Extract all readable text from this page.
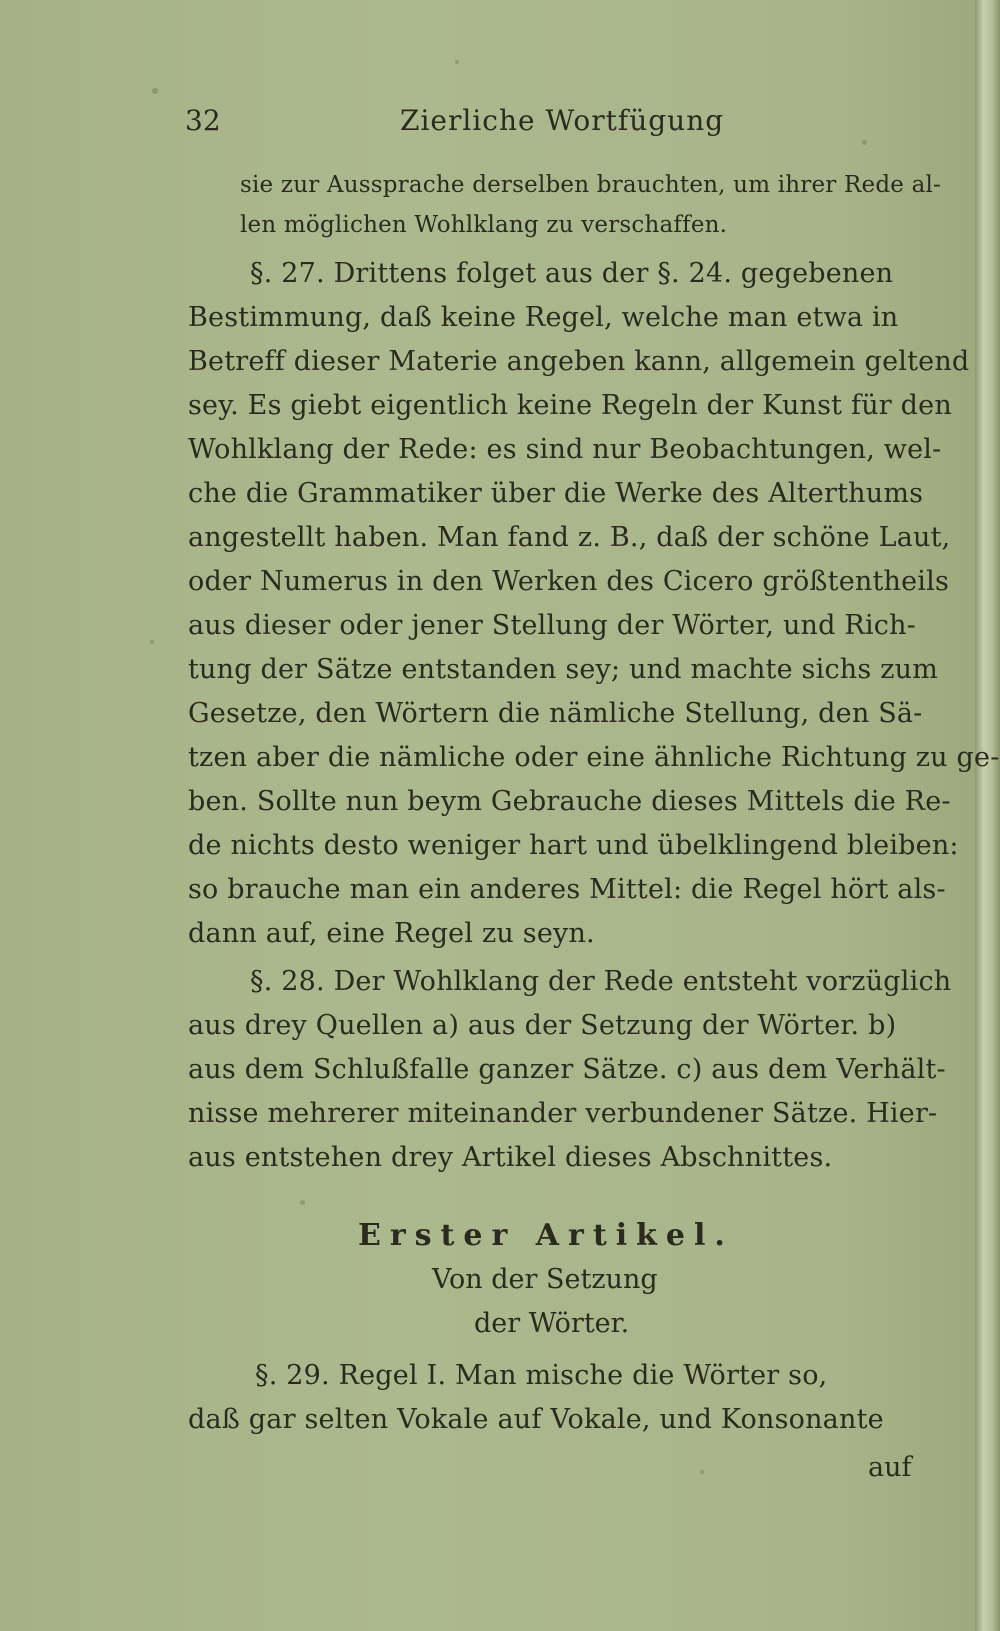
32	Zierliche Wortfügung
sie zur Aussprache derselben brauchten, um ihrer Rede al-
len möglichen Wohlklang zu verschaffen.
§. 27. Drittens folget aus der §. 24. gegebenen
Bestimmung, daß keine Regel, welche man etwa in
Betreff dieser Materie angeben kann, allgemein geltend
sey. Es giebt eigentlich keine Regeln der Kunst für den
Wohlklang der Rede: es sind nur Beobachtungen, wel-
che die Grammatiker über die Werke des Alterthums
angestellt haben. Man fand z. B., daß der schöne Laut,
oder Numerus in den Werken des Cicero größtentheils
aus dieser oder jener Stellung der Wörter, und Rich-
tung der Sätze entstanden sey; und machte sichs zum
Gesetze, den Wörtern die nämliche Stellung, den Sä-
tzen aber die nämliche oder eine ähnliche Richtung zu ge-
ben. Sollte nun beym Gebrauche dieses Mittels die Re-
de nichts desto weniger hart und übelklingend bleiben:
so brauche man ein anderes Mittel: die Regel hört als-
dann auf, eine Regel zu seyn.
§. 28. Der Wohlklang der Rede entsteht vorzüglich
aus drey Quellen a) aus der Setzung der Wörter. b)
aus dem Schlußfalle ganzer Sätze. c) aus dem Verhält-
nisse mehrerer miteinander verbundener Sätze. Hier-
aus entstehen drey Artikel dieses Abschnittes.
Erster Artikel.
Von der Setzung
der Wörter.
§. 29. Regel I. Man mische die Wörter so,
daß gar selten Vokale auf Vokale, und Konsonante
auf
